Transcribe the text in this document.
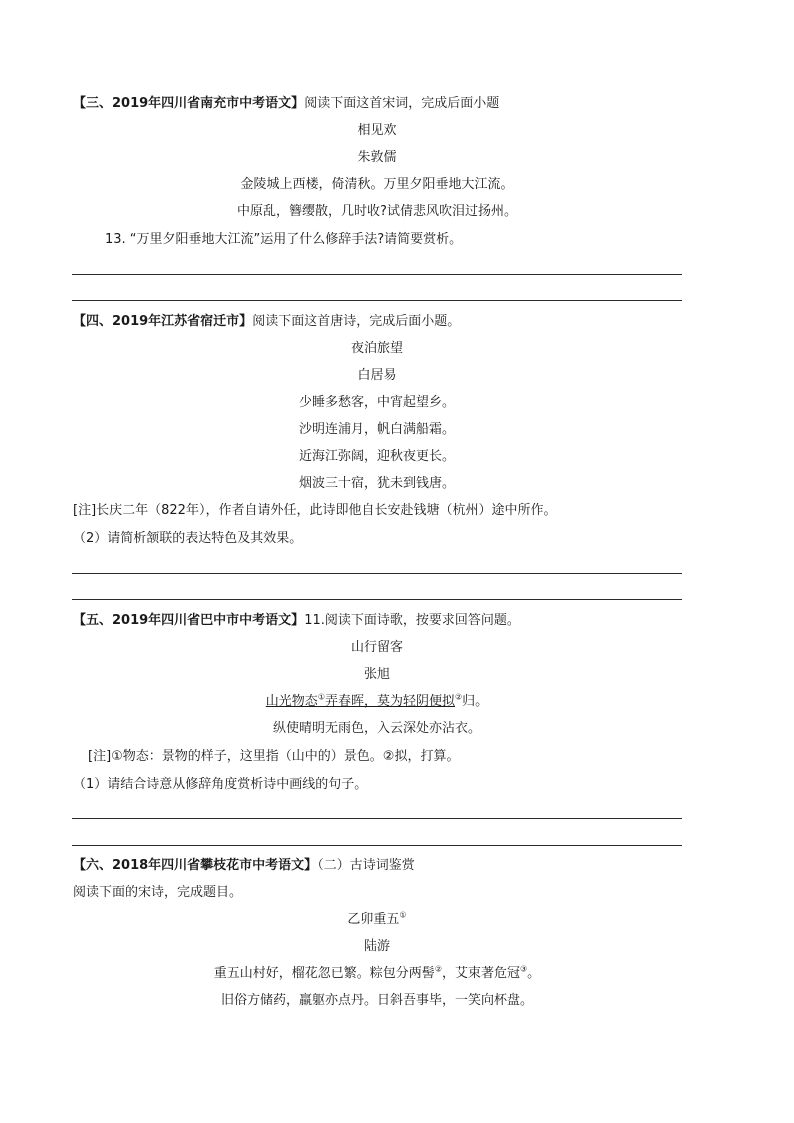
【三、2019年四川省南充市中考语文】阅读下面这首宋词，完成后面小题
相见欢
朱敦儒
金陵城上西楼，倚清秋。万里夕阳垂地大江流。
中原乱，簪缨散，几时收?试倩悲风吹泪过扬州。
13. “万里夕阳垂地大江流”运用了什么修辞手法?请简要赏析。
【四、2019年江苏省宿迁市】阅读下面这首唐诗，完成后面小题。
夜泊旅望
白居易
少睡多愁客，中宵起望乡。
沙明连浦月，帆白满船霜。
近海江弥阔，迎秋夜更长。
烟波三十宿，犹未到钱唐。
[注]长庆二年（822年），作者自请外任，此诗即他自长安赴钱塘（杭州）途中所作。
（2）请简析颔联的表达特色及其效果。
【五、2019年四川省巴中市中考语文】11.阅读下面诗歌，按要求回答问题。
山行留客
张旭
山光物态①弄春晖，莫为轻阴便拟②归。
纵使晴明无雨色，入云深处亦沾衣。
[注]①物态：景物的样子，这里指（山中的）景色。②拟，打算。
（1）请结合诗意从修辞角度赏析诗中画线的句子。
【六、2018年四川省攀枝花市中考语文】（二）古诗词鉴赏
阅读下面的宋诗，完成题目。
乙卯重五①
陆游
重五山村好，榴花忽已繁。粽包分两髻②，艾束著危冠③。
旧俗方储药，羸躯亦点丹。日斜吾事毕，一笑向杯盘。
